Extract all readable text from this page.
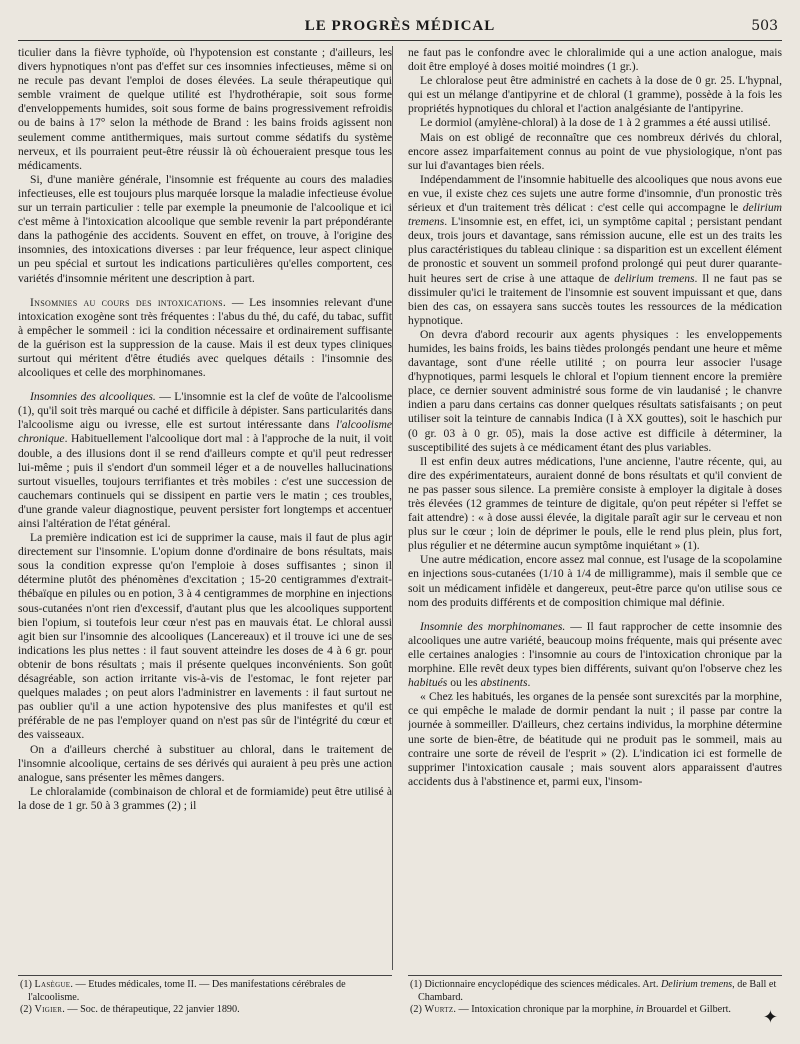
LE PROGRÈS MÉDICAL	503

ticulier dans la fièvre typhoïde, où l'hypotension est constante ; d'ailleurs, les divers hypnotiques n'ont pas d'effet sur ces insomnies infectieuses, même si on ne recule pas devant l'emploi de doses élevées. La seule thérapeutique qui semble vraiment de quelque utilité est l'hydrothérapie, soit sous forme d'enveloppements humides, soit sous forme de bains progressivement refroidis ou de bains à 17° selon la méthode de Brand : les bains froids agissent non seulement comme antithermiques, mais surtout comme sédatifs du système nerveux, et ils pourraient peut-être réussir là où échoueraient presque tous les médicaments.

Si, d'une manière générale, l'insomnie est fréquente au cours des maladies infectieuses, elle est toujours plus marquée lorsque la maladie infectieuse évolue sur un terrain particulier : telle par exemple la pneumonie de l'alcoolique et ici c'est même à l'intoxication alcoolique que semble revenir la part prépondérante dans la pathogénie des accidents. Souvent en effet, on trouve, à l'origine des insomnies, des intoxications diverses : par leur fréquence, leur aspect clinique un peu spécial et surtout les indications particulières qu'elles comportent, ces variétés d'insomnie méritent une description à part.

Insomnies au cours des intoxications. — Les insomnies relevant d'une intoxication exogène sont très fréquentes : l'abus du thé, du café, du tabac, suffit à empêcher le sommeil : ici la condition nécessaire et ordinairement suffisante de la guérison est la suppression de la cause. Mais il est deux types cliniques surtout qui méritent d'être étudiés avec quelques détails : l'insomnie des alcooliques et celle des morphinomanes.

Insomnies des alcooliques. — L'insomnie est la clef de voûte de l'alcoolisme (1), qu'il soit très marqué ou caché et difficile à dépister. Sans particularités dans l'alcoolisme aigu ou ivresse, elle est surtout intéressante dans l'alcoolisme chronique. Habituellement l'alcoolique dort mal : à l'approche de la nuit, il voit double, a des illusions dont il se rend d'ailleurs compte et qu'il peut redresser lui-même ; puis il s'endort d'un sommeil léger et a de nouvelles hallucinations surtout visuelles, toujours terrifiantes et très mobiles : c'est une succession de cauchemars continuels qui se dissipent en partie vers le matin ; ces troubles, d'une grande valeur diagnostique, peuvent persister fort longtemps et accentuer ainsi l'altération de l'état général.

La première indication est ici de supprimer la cause, mais il faut de plus agir directement sur l'insomnie. L'opium donne d'ordinaire de bons résultats, mais sous la condition expresse qu'on l'emploie à doses suffisantes ; sinon il détermine plutôt des phénomènes d'excitation ; 15-20 centigrammes d'extrait-thébaïque en pilules ou en potion, 3 à 4 centigrammes de morphine en injections sous-cutanées n'ont rien d'excessif, d'autant plus que les alcooliques supportent bien l'opium, si toutefois leur cœur n'est pas en mauvais état. Le chloral aussi agit bien sur l'insomnie des alcooliques (Lancereaux) et il trouve ici une de ses indications les plus nettes : il faut souvent atteindre les doses de 4 à 6 gr. pour obtenir de bons résultats ; mais il présente quelques inconvénients. Son goût désagréable, son action irritante vis-à-vis de l'estomac, le font rejeter par quelques malades ; on peut alors l'administrer en lavements : il faut surtout ne pas oublier qu'il a une action hypotensive des plus manifestes et qu'il est préférable de ne pas l'employer quand on n'est pas sûr de l'intégrité du cœur et des vaisseaux.

On a d'ailleurs cherché à substituer au chloral, dans le traitement de l'insomnie alcoolique, certains de ses dérivés qui auraient à peu près une action analogue, sans présenter les mêmes dangers.

Le chloralamide (combinaison de chloral et de formiamide) peut être utilisé à la dose de 1 gr. 50 à 3 grammes (2) ; il

ne faut pas le confondre avec le chloralimide qui a une action analogue, mais doit être employé à doses moitié moindres (1 gr.).

Le chloralose peut être administré en cachets à la dose de 0 gr. 25. L'hypnal, qui est un mélange d'antipyrine et de chloral (1 gramme), possède à la fois les propriétés hypnotiques du chloral et l'action analgésiante de l'antipyrine.

Le dormiol (amylène-chloral) à la dose de 1 à 2 grammes a été aussi utilisé.

Mais on est obligé de reconnaître que ces nombreux dérivés du chloral, encore assez imparfaitement connus au point de vue physiologique, n'ont pas sur lui d'avantages bien réels.

Indépendamment de l'insomnie habituelle des alcooliques que nous avons eue en vue, il existe chez ces sujets une autre forme d'insomnie, d'un pronostic très sérieux et d'un traitement très délicat : c'est celle qui accompagne le delirium tremens. L'insomnie est, en effet, ici, un symptôme capital ; persistant pendant deux, trois jours et davantage, sans rémission aucune, elle est un des traits les plus caractéristiques du tableau clinique : sa disparition est un excellent élément de pronostic et souvent un sommeil profond prolongé qui peut durer quarante-huit heures sert de crise à une attaque de delirium tremens. Il ne faut pas se dissimuler qu'ici le traitement de l'insomnie est souvent impuissant et que, dans bien des cas, on essayera sans succès toutes les ressources de la médication hypnotique.

On devra d'abord recourir aux agents physiques : les enveloppements humides, les bains froids, les bains tièdes prolongés pendant une heure et même davantage, sont d'une réelle utilité ; on pourra leur associer l'usage d'hypnotiques, parmi lesquels le chloral et l'opium tiennent encore la première place, ce dernier souvent administré sous forme de vin laudanisé ; le chanvre indien a paru dans certains cas donner quelques résultats satisfaisants ; on peut utiliser soit la teinture de cannabis Indica (I à XX gouttes), soit le haschich pur (0 gr. 03 à 0 gr. 05), mais la dose active est difficile à déterminer, la susceptibilité des sujets à ce médicament étant des plus variables.

Il est enfin deux autres médications, l'une ancienne, l'autre récente, qui, au dire des expérimentateurs, auraient donné de bons résultats et qu'il convient de ne pas passer sous silence. La première consiste à employer la digitale à doses très élevées (12 grammes de teinture de digitale, qu'on peut répéter si l'effet se fait attendre) : « à dose aussi élevée, la digitale paraît agir sur le cerveau et non plus sur le cœur ; loin de déprimer le pouls, elle le rend plus plein, plus fort, plus régulier et ne détermine aucun symptôme inquiétant » (1).

Une autre médication, encore assez mal connue, est l'usage de la scopolamine en injections sous-cutanées (1/10 à 1/4 de milligramme), mais il semble que ce soit un médicament infidèle et dangereux, peut-être parce qu'on utilise sous ce nom des produits différents et de composition chimique mal définie.

Insomnie des morphinomanes. — Il faut rapprocher de cette insomnie des alcooliques une autre variété, beaucoup moins fréquente, mais qui présente avec elle certaines analogies : l'insomnie au cours de l'intoxication chronique par la morphine. Elle revêt deux types bien différents, suivant qu'on l'observe chez les habitués ou les abstinents.

« Chez les habitués, les organes de la pensée sont surexcités par la morphine, ce qui empêche le malade de dormir pendant la nuit ; il passe par contre la journée à sommeiller. D'ailleurs, chez certains individus, la morphine détermine une sorte de bien-être, de béatitude qui ne produit pas le sommeil, mais au contraire une sorte de réveil de l'esprit » (2). L'indication ici est formelle de supprimer l'intoxication causale ; mais souvent alors apparaissent d'autres accidents dus à l'abstinence et, parmi eux, l'insom-

(1) Lasègue. — Etudes médicales, tome II. — Des manifestations cérébrales de l'alcoolisme.

(2) Vigier. — Soc. de thérapeutique, 22 janvier 1890.

(1) Dictionnaire encyclopédique des sciences médicales. Art. Delirium tremens, de Ball et Chambard.

(2) Wurtz. — Intoxication chronique par la morphine, in Brouardel et Gilbert.	✦
